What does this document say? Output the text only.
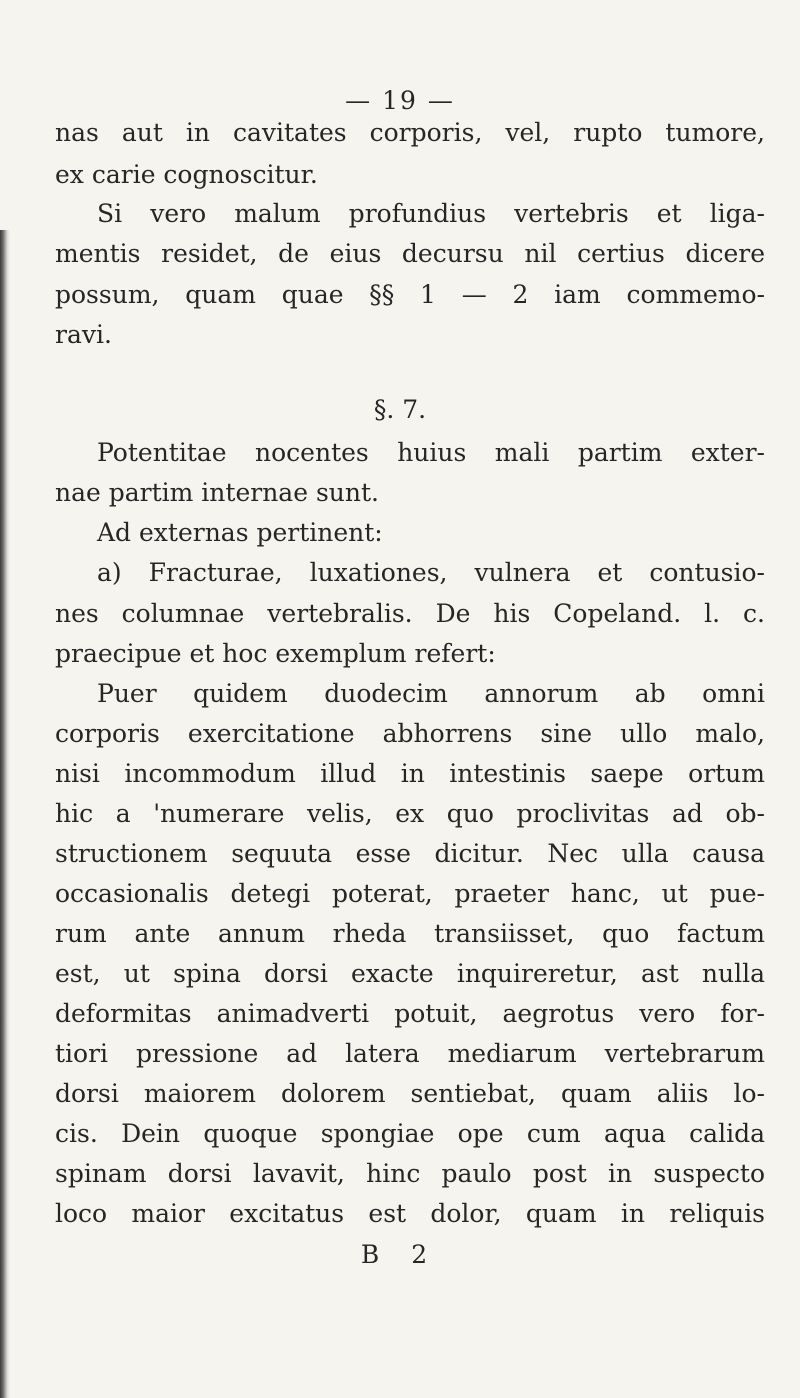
— 19 —
nas aut in cavitates corporis, vel, rupto tumore,
ex carie cognoscitur.
Si vero malum profundius vertebris et liga-
mentis residet, de eius decursu nil certius dicere
possum, quam quae §§ 1 — 2 iam commemo-
ravi.
§. 7.
Potentitae nocentes huius mali partim exter-
nae partim internae sunt.
Ad externas pertinent:
a) Fracturae, luxationes, vulnera et contusio-
nes columnae vertebralis. De his Copeland. l. c.
praecipue et hoc exemplum refert:
Puer quidem duodecim annorum ab omni
corporis exercitatione abhorrens sine ullo malo,
nisi incommodum illud in intestinis saepe ortum
hic a 'numerare velis, ex quo proclivitas ad ob-
structionem sequuta esse dicitur. Nec ulla causa
occasionalis detegi poterat, praeter hanc, ut pue-
rum ante annum rheda transiisset, quo factum
est, ut spina dorsi exacte inquireretur, ast nulla
deformitas animadverti potuit, aegrotus vero for-
tiori pressione ad latera mediarum vertebrarum
dorsi maiorem dolorem sentiebat, quam aliis lo-
cis. Dein quoque spongiae ope cum aqua calida
spinam dorsi lavavit, hinc paulo post in suspecto
loco maior excitatus est dolor, quam in reliquis
B 2
